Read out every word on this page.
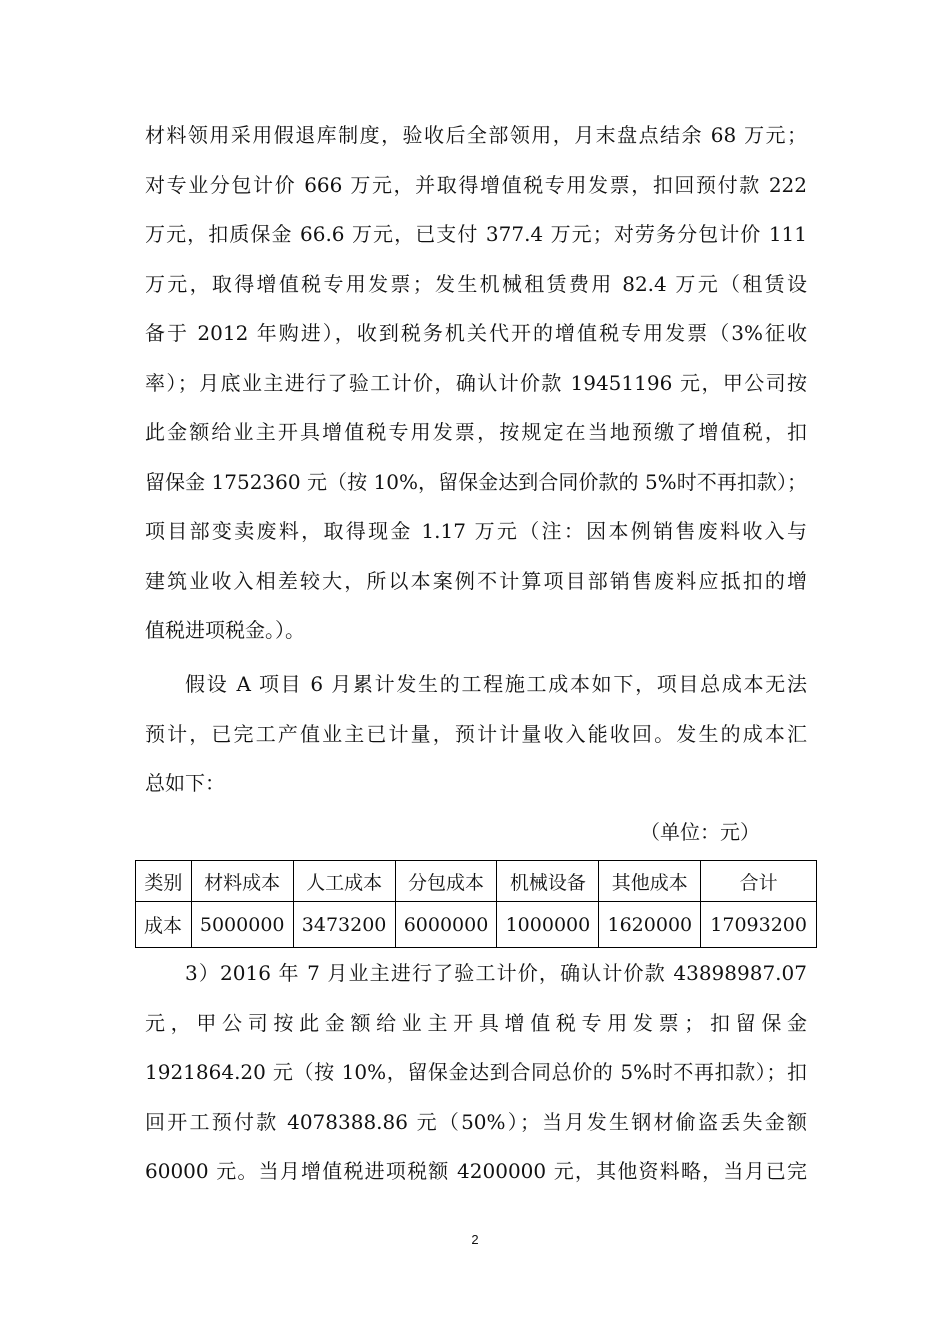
材料领用采用假退库制度，验收后全部领用，月末盘点结余 68 万元；
对专业分包计价 666 万元，并取得增值税专用发票，扣回预付款 222
万元，扣质保金 66.6 万元，已支付 377.4 万元；对劳务分包计价 111
万元，取得增值税专用发票；发生机械租赁费用 82.4 万元（租赁设
备于 2012 年购进），收到税务机关代开的增值税专用发票（3%征收
率）；月底业主进行了验工计价，确认计价款 19451196 元，甲公司按
此金额给业主开具增值税专用发票，按规定在当地预缴了增值税，扣
留保金 1752360 元（按 10%，留保金达到合同价款的 5%时不再扣款）；
项目部变卖废料，取得现金 1.17 万元（注：因本例销售废料收入与
建筑业收入相差较大，所以本案例不计算项目部销售废料应抵扣的增
值税进项税金。）。
假设 A 项目 6 月累计发生的工程施工成本如下，项目总成本无法
预计，已完工产值业主已计量，预计计量收入能收回。发生的成本汇
总如下：
（单位：元）
类别	材料成本	人工成本	分包成本	机械设备	其他成本	合计
成本	5000000	3473200	6000000	1000000	1620000	17093200
3）2016 年 7 月业主进行了验工计价，确认计价款 43898987.07
元，甲公司按此金额给业主开具增值税专用发票；扣留保金
1921864.20 元（按 10%，留保金达到合同总价的 5%时不再扣款）；扣
回开工预付款 4078388.86 元（50%）；当月发生钢材偷盗丢失金额
60000 元。当月增值税进项税额 4200000 元，其他资料略，当月已完
2
